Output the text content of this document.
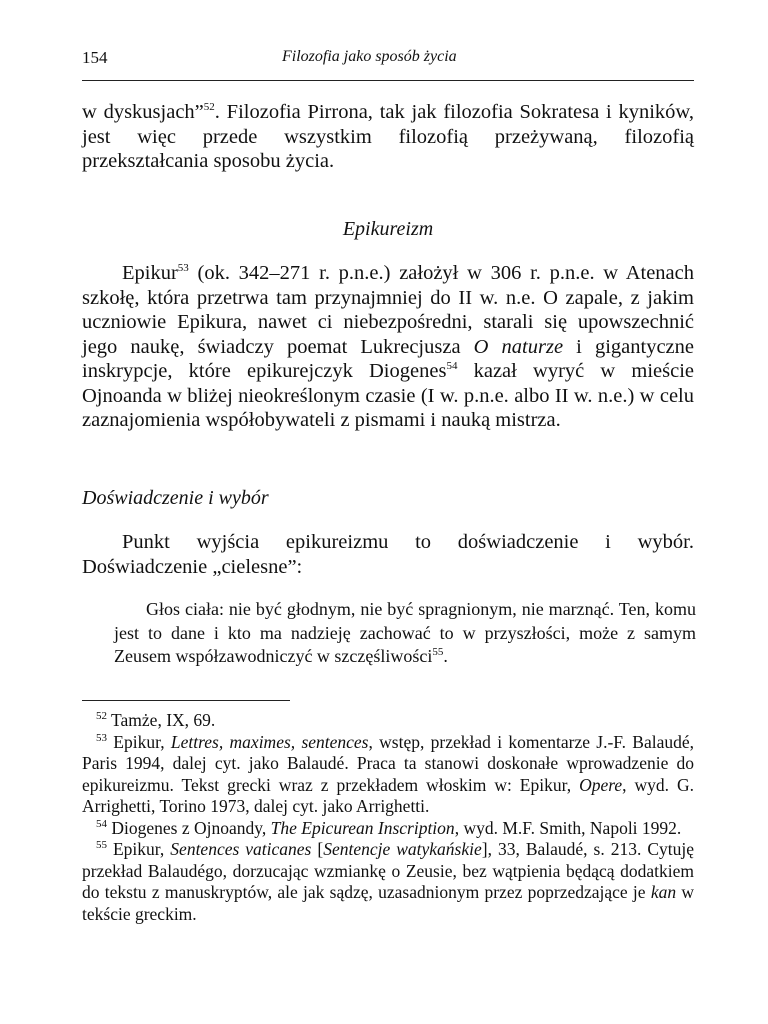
154	Filozofia jako sposób życia

w dyskusjach”$^{52}$. Filozofia Pirrona, tak jak filozofia Sokratesa i kyników, jest więc przede wszystkim filozofią przeżywaną, filozofią przekształcania sposobu życia.

Epikureizm

Epikur$^{53}$ (ok. 342–271 r. p.n.e.) założył w 306 r. p.n.e. w Atenach szkołę, która przetrwa tam przynajmniej do II w. n.e. O zapale, z jakim uczniowie Epikura, nawet ci niebezpośredni, starali się upowszechnić jego naukę, świadczy poemat Lukrecjusza O naturze i gigantyczne inskrypcje, które epikurejczyk Diogenes$^{54}$ kazał wyryć w mieście Ojnoanda w bliżej nieokreślonym czasie (I w. p.n.e. albo II w. n.e.) w celu zaznajomienia współobywateli z pismami i nauką mistrza.

Doświadczenie i wybór

Punkt wyjścia epikureizmu to doświadczenie i wybór. Doświadczenie „cielesne”:

Głos ciała: nie być głodnym, nie być spragnionym, nie marznąć. Ten, komu jest to dane i kto ma nadzieję zachować to w przyszłości, może z samym Zeusem współzawodniczyć w szczęśliwości$^{55}$.

$^{52}$ Tamże, IX, 69.

$^{53}$ Epikur, Lettres, maximes, sentences, wstęp, przekład i komentarze J.-F. Balaudé, Paris 1994, dalej cyt. jako Balaudé. Praca ta stanowi doskonałe wprowadzenie do epikureizmu. Tekst grecki wraz z przekładem włoskim w: Epikur, Opere, wyd. G. Arrighetti, Torino 1973, dalej cyt. jako Arrighetti.

$^{54}$ Diogenes z Ojnoandy, The Epicurean Inscription, wyd. M.F. Smith, Napoli 1992.

$^{55}$ Epikur, Sentences vaticanes [Sentencje watykańskie], 33, Balaudé, s. 213. Cytuję przekład Balaudégo, dorzucając wzmiankę o Zeusie, bez wątpienia będącą dodatkiem do tekstu z manuskryptów, ale jak sądzę, uzasadnionym przez poprzedzające je kan w tekście greckim.
